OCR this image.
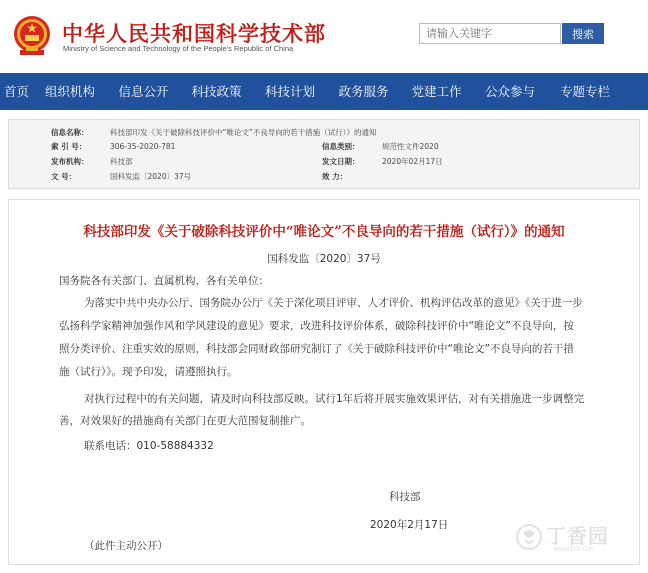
中华人民共和国科学技术部
Ministry of Science and Technology of the People's Republic of China
请输入关键字
搜索
首页	组织机构	信息公开	科技政策	科技计划	政务服务	党建工作	公众参与	专题专栏
信息名称：	科技部印发《关于破除科技评价中“唯论文”不良导向的若干措施（试行）》的通知
索 引 号：	306-35-2020-781	信息类别：	规范性文件2020
发布机构：	科技部	发文日期：	2020年02月17日
文 号：	国科发监〔2020〕37号	效 力：
科技部印发《关于破除科技评价中“唯论文”不良导向的若干措施（试行）》的通知
国科发监〔2020〕37号
国务院各有关部门、直属机构，各有关单位：
为落实中共中央办公厅、国务院办公厅《关于深化项目评审、人才评价、机构评估改革的意见》《关于进一步
弘扬科学家精神加强作风和学风建设的意见》要求，改进科技评价体系，破除科技评价中“唯论文”不良导向，按
照分类评价、注重实效的原则，科技部会同财政部研究制订了《关于破除科技评价中“唯论文”不良导向的若干措
施（试行）》。现予印发，请遵照执行。
对执行过程中的有关问题，请及时向科技部反映。试行1年后将开展实施效果评估，对有关措施进一步调整完
善，对效果好的措施商有关部门在更大范围复制推广。
联系电话：010-58884332
科技部
2020年2月17日
（此件主动公开）	丁香园
www.DXY.cn
